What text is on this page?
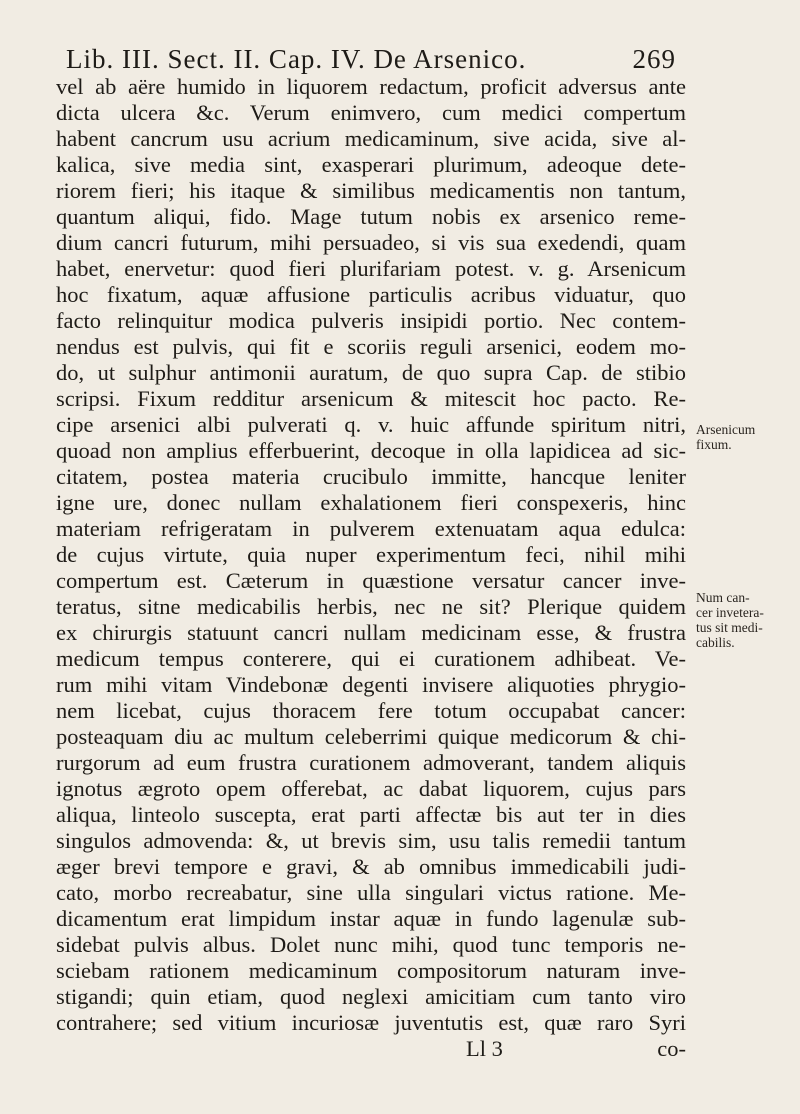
Lib. III. Sect. II. Cap. IV. De Arsenico.	269
vel ab aëre humido in liquorem redactum, proficit adversus ante
dicta ulcera &c. Verum enimvero, cum medici compertum
habent cancrum usu acrium medicaminum, sive acida, sive al-
kalica, sive media sint, exasperari plurimum, adeoque dete-
riorem fieri; his itaque & similibus medicamentis non tantum,
quantum aliqui, fido. Mage tutum nobis ex arsenico reme-
dium cancri futurum, mihi persuadeo, si vis sua exedendi, quam
habet, enervetur: quod fieri plurifariam potest. v. g. Arsenicum
hoc fixatum, aquæ affusione particulis acribus viduatur, quo
facto relinquitur modica pulveris insipidi portio. Nec contem-
nendus est pulvis, qui fit e scoriis reguli arsenici, eodem mo-
do, ut sulphur antimonii auratum, de quo supra Cap. de stibio
scripsi. Fixum redditur arsenicum & mitescit hoc pacto. Re-
cipe arsenici albi pulverati q. v. huic affunde spiritum nitri,
quoad non amplius efferbuerint, decoque in olla lapidicea ad sic-
citatem, postea materia crucibulo immitte, hancque leniter
igne ure, donec nullam exhalationem fieri conspexeris, hinc
materiam refrigeratam in pulverem extenuatam aqua edulca:
de cujus virtute, quia nuper experimentum feci, nihil mihi
compertum est. Cæterum in quæstione versatur cancer inve-
teratus, sitne medicabilis herbis, nec ne sit? Plerique quidem
ex chirurgis statuunt cancri nullam medicinam esse, & frustra
medicum tempus conterere, qui ei curationem adhibeat. Ve-
rum mihi vitam Vindebonæ degenti invisere aliquoties phrygio-
nem licebat, cujus thoracem fere totum occupabat cancer:
posteaquam diu ac multum celeberrimi quique medicorum & chi-
rurgorum ad eum frustra curationem admoverant, tandem aliquis
ignotus ægroto opem offerebat, ac dabat liquorem, cujus pars
aliqua, linteolo suscepta, erat parti affectæ bis aut ter in dies
singulos admovenda: &, ut brevis sim, usu talis remedii tantum
æger brevi tempore e gravi, & ab omnibus immedicabili judi-
cato, morbo recreabatur, sine ulla singulari victus ratione. Me-
dicamentum erat limpidum instar aquæ in fundo lagenulæ sub-
sidebat pulvis albus. Dolet nunc mihi, quod tunc temporis ne-
sciebam rationem medicaminum compositorum naturam inve-
stigandi; quin etiam, quod neglexi amicitiam cum tanto viro
contrahere; sed vitium incuriosæ juventutis est, quæ raro Syri
Ll 3	co-
Arsenicum
fixum.
Num can-
cer invetera-
tus sit medi-
cabilis.
